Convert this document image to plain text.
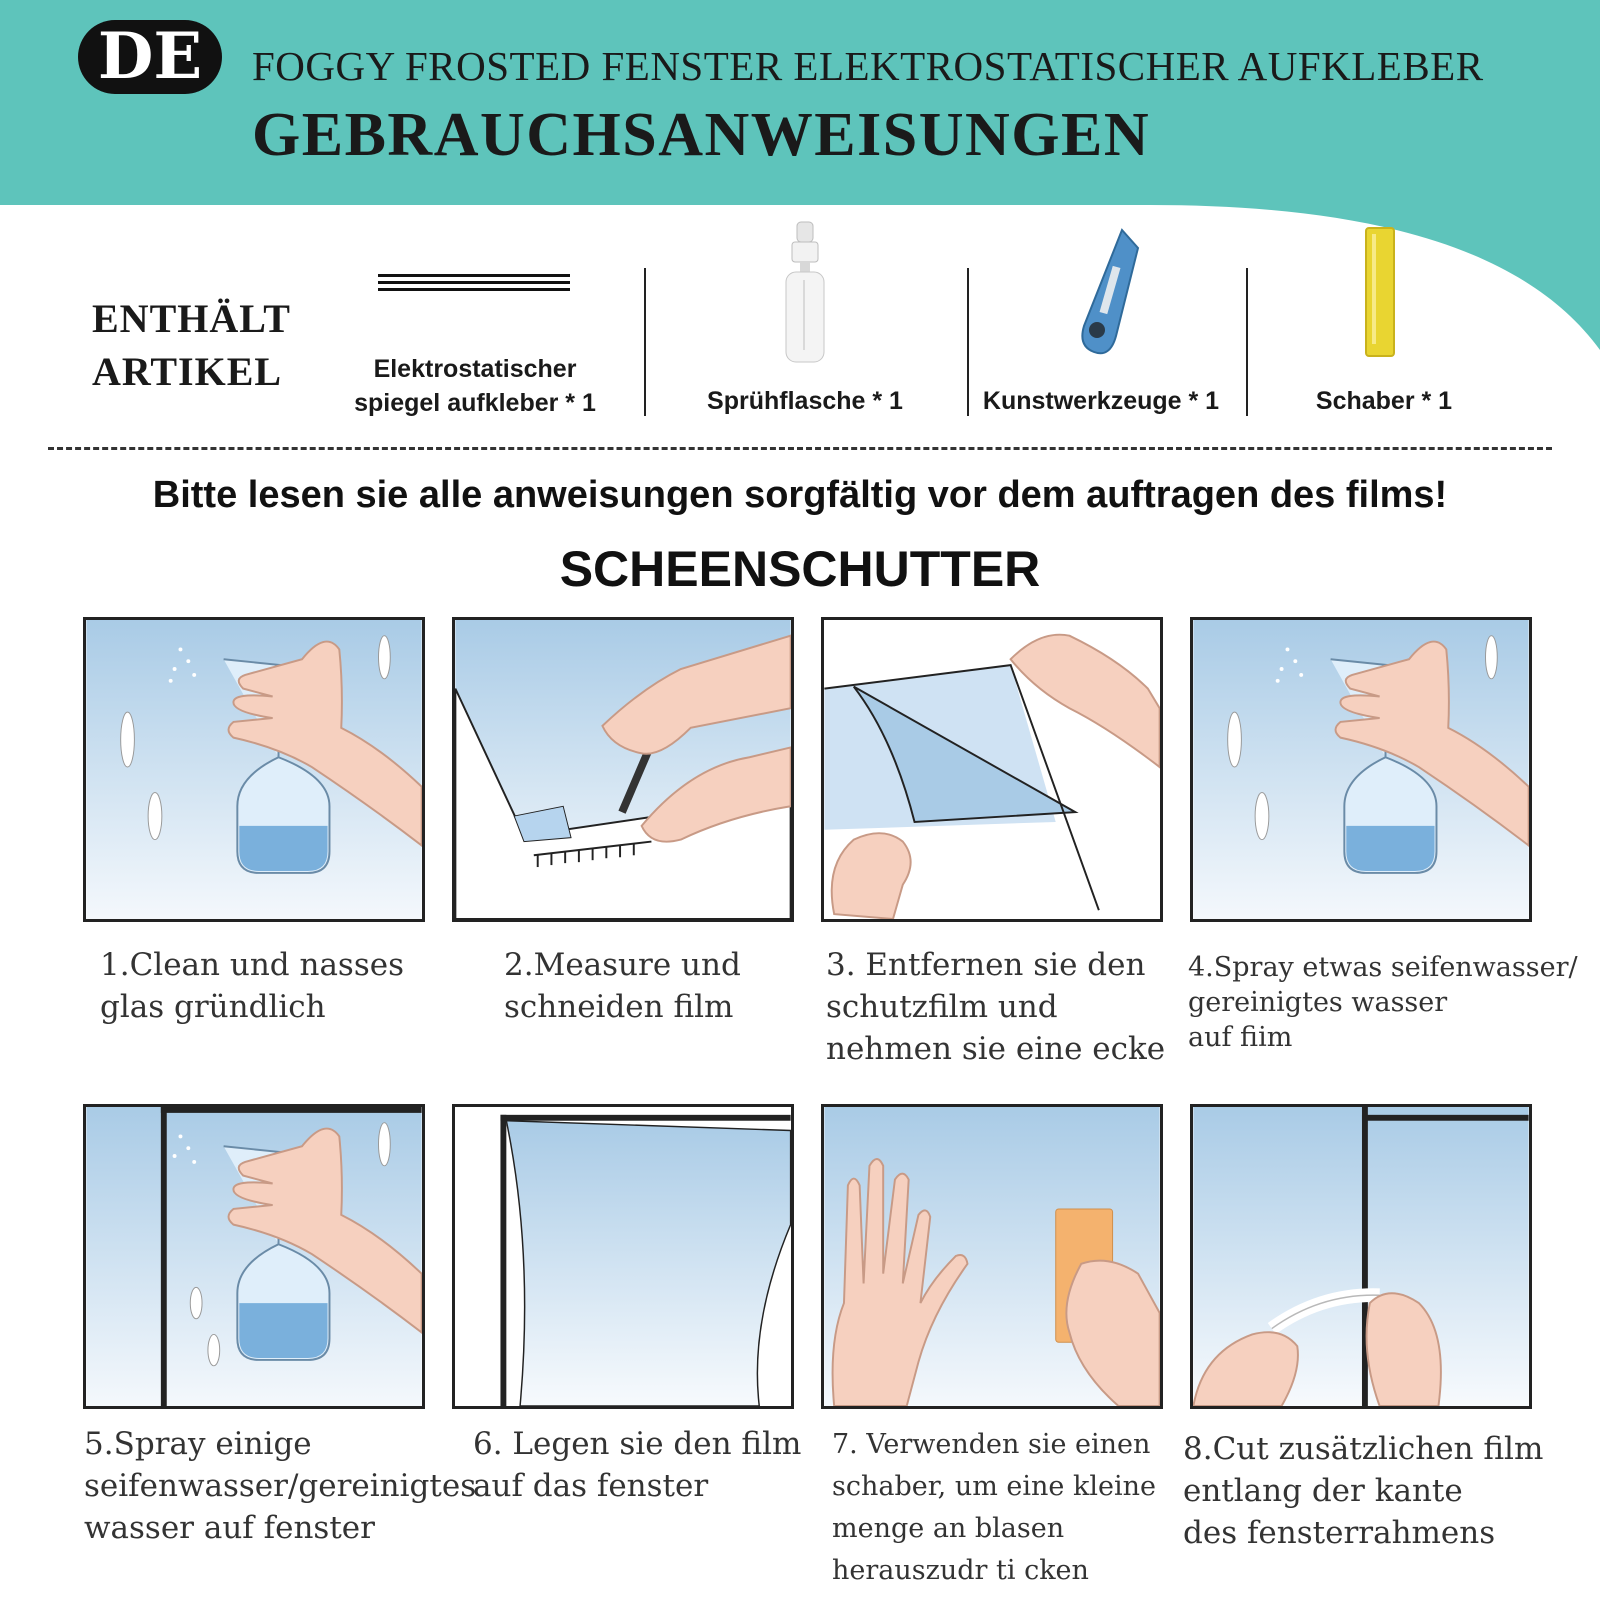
DE	FOGGY FROSTED FENSTER ELEKTROSTATISCHER AUFKLEBER
GEBRAUCHSANWEISUNGEN
ENTHÄLT
ARTIKEL	Elektrostatischer
spiegel aufkleber * 1	Sprühflasche * 1	Kunstwerkzeuge * 1	Schaber * 1
Bitte lesen sie alle anweisungen sorgfältig vor dem auftragen des films!
SCHEENSCHUTTER
1.Clean und nasses
glas gründlich
2.Measure und
schneiden film
3. Entfernen sie den
schutzfilm und
nehmen sie eine ecke
4.Spray etwas seifenwasser/
gereinigtes wasser
auf fiim
5.Spray einige
seifenwasser/gereinigtes
wasser auf fenster
6. Legen sie den film
auf das fenster
7. Verwenden sie einen
schaber, um eine kleine
menge an blasen
herauszudr ti cken
8.Cut zusätzlichen film
entlang der kante
des fensterrahmens
